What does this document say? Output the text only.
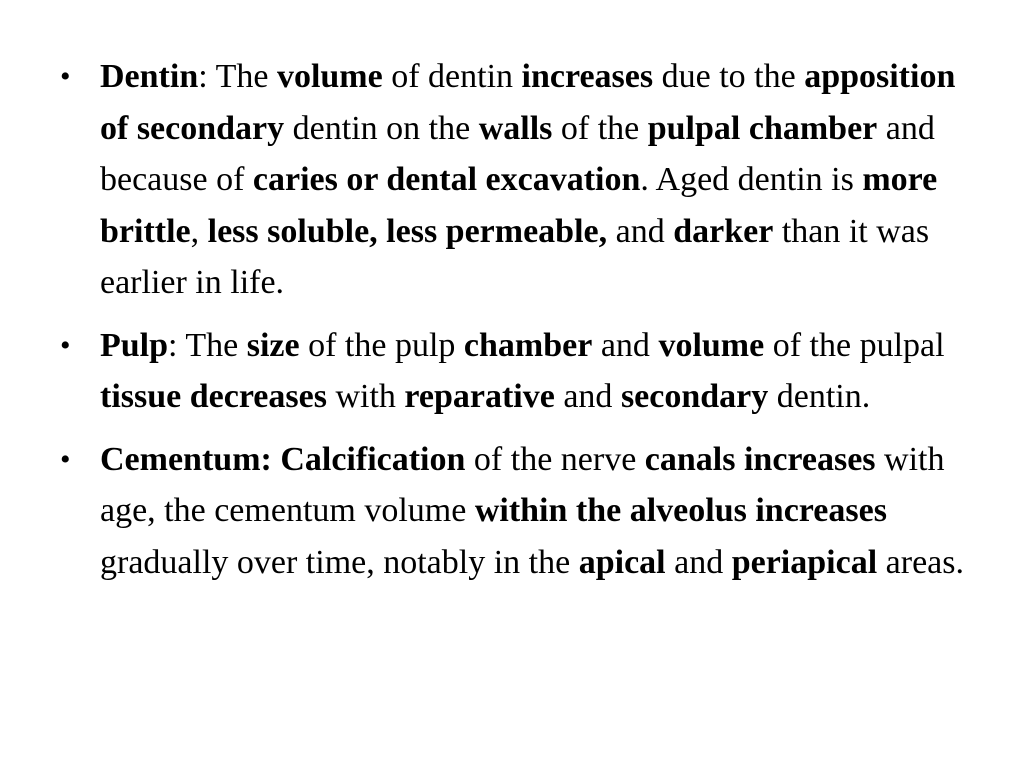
• Dentin: The volume of dentin increases due to the apposition of secondary dentin on the walls of the pulpal chamber and because of caries or dental excavation. Aged dentin is more brittle, less soluble, less permeable, and darker than it was earlier in life.
• Pulp: The size of the pulp chamber and volume of the pulpal tissue decreases with reparative and secondary dentin.
• Cementum: Calcification of the nerve canals increases with age, the cementum volume within the alveolus increases gradually over time, notably in the apical and periapical areas.
